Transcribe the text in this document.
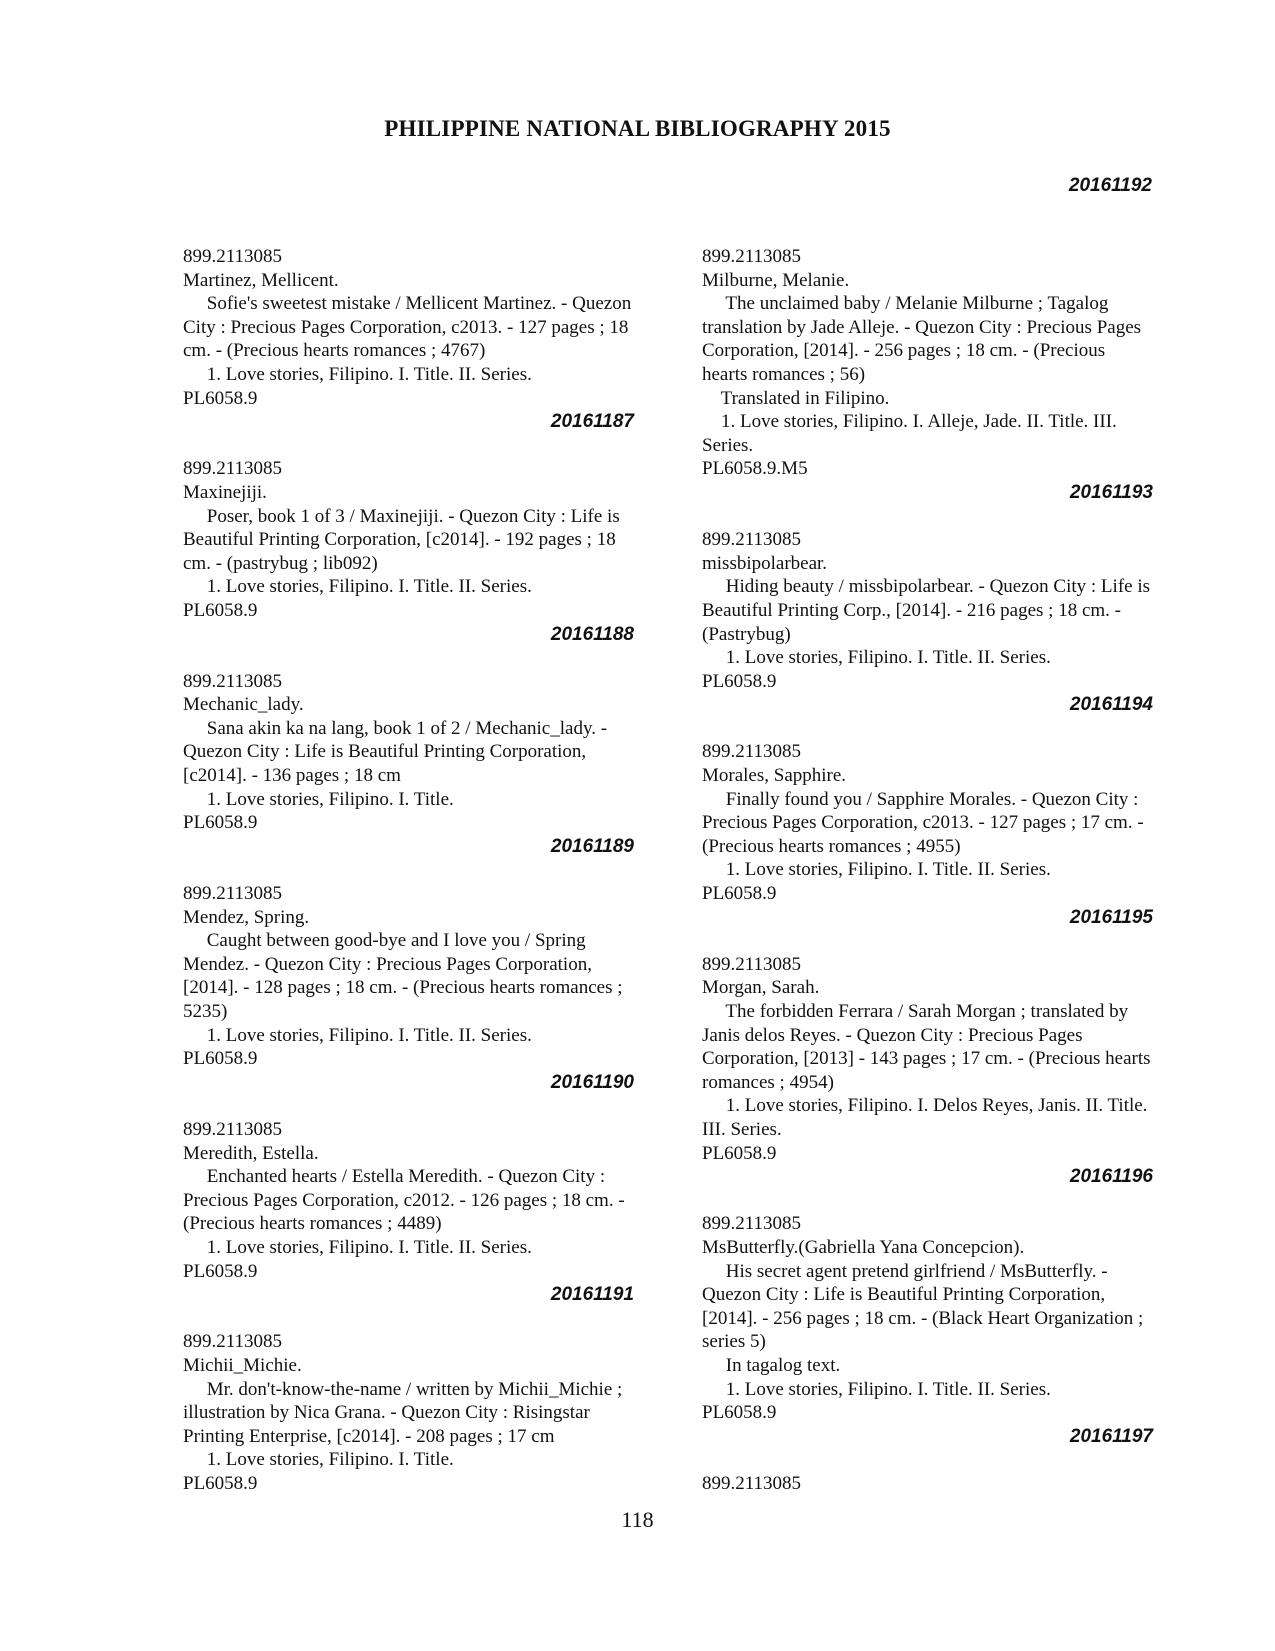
PHILIPPINE NATIONAL BIBLIOGRAPHY 2015
20161192
899.2113085
Martinez, Mellicent.
Sofie's sweetest mistake / Mellicent Martinez. - Quezon
City : Precious Pages Corporation, c2013. - 127 pages ; 18
cm. - (Precious hearts romances ; 4767)
1. Love stories, Filipino. I. Title. II. Series.
PL6058.9
20161187
899.2113085
Maxinejiji.
Poser, book 1 of 3 / Maxinejiji. - Quezon City : Life is
Beautiful Printing Corporation, [c2014]. - 192 pages ; 18
cm. - (pastrybug ; lib092)
1. Love stories, Filipino. I. Title. II. Series.
PL6058.9
20161188
899.2113085
Mechanic_lady.
Sana akin ka na lang, book 1 of 2 / Mechanic_lady. -
Quezon City : Life is Beautiful Printing Corporation,
[c2014]. - 136 pages ; 18 cm
1. Love stories, Filipino. I. Title.
PL6058.9
20161189
899.2113085
Mendez, Spring.
Caught between good-bye and I love you / Spring
Mendez. - Quezon City : Precious Pages Corporation,
[2014]. - 128 pages ; 18 cm. - (Precious hearts romances ;
5235)
1. Love stories, Filipino. I. Title. II. Series.
PL6058.9
20161190
899.2113085
Meredith, Estella.
Enchanted hearts / Estella Meredith. - Quezon City :
Precious Pages Corporation, c2012. - 126 pages ; 18 cm. -
(Precious hearts romances ; 4489)
1. Love stories, Filipino. I. Title. II. Series.
PL6058.9
20161191
899.2113085
Michii_Michie.
Mr. don't-know-the-name / written by Michii_Michie ;
illustration by Nica Grana. - Quezon City : Risingstar
Printing Enterprise, [c2014]. - 208 pages ; 17 cm
1. Love stories, Filipino. I. Title.
PL6058.9
899.2113085
Milburne, Melanie.
The unclaimed baby / Melanie Milburne ; Tagalog
translation by Jade Alleje. - Quezon City : Precious Pages
Corporation, [2014]. - 256 pages ; 18 cm. - (Precious
hearts romances ; 56)
Translated in Filipino.
1. Love stories, Filipino. I. Alleje, Jade. II. Title. III.
Series.
PL6058.9.M5
20161193
899.2113085
missbipolarbear.
Hiding beauty / missbipolarbear. - Quezon City : Life is
Beautiful Printing Corp., [2014]. - 216 pages ; 18 cm. -
(Pastrybug)
1. Love stories, Filipino. I. Title. II. Series.
PL6058.9
20161194
899.2113085
Morales, Sapphire.
Finally found you / Sapphire Morales. - Quezon City :
Precious Pages Corporation, c2013. - 127 pages ; 17 cm. -
(Precious hearts romances ; 4955)
1. Love stories, Filipino. I. Title. II. Series.
PL6058.9
20161195
899.2113085
Morgan, Sarah.
The forbidden Ferrara / Sarah Morgan ; translated by
Janis delos Reyes. - Quezon City : Precious Pages
Corporation, [2013] - 143 pages ; 17 cm. - (Precious hearts
romances ; 4954)
1. Love stories, Filipino. I. Delos Reyes, Janis. II. Title.
III. Series.
PL6058.9
20161196
899.2113085
MsButterfly.(Gabriella Yana Concepcion).
His secret agent pretend girlfriend / MsButterfly. -
Quezon City : Life is Beautiful Printing Corporation,
[2014]. - 256 pages ; 18 cm. - (Black Heart Organization ;
series 5)
In tagalog text.
1. Love stories, Filipino. I. Title. II. Series.
PL6058.9
20161197
899.2113085
118
